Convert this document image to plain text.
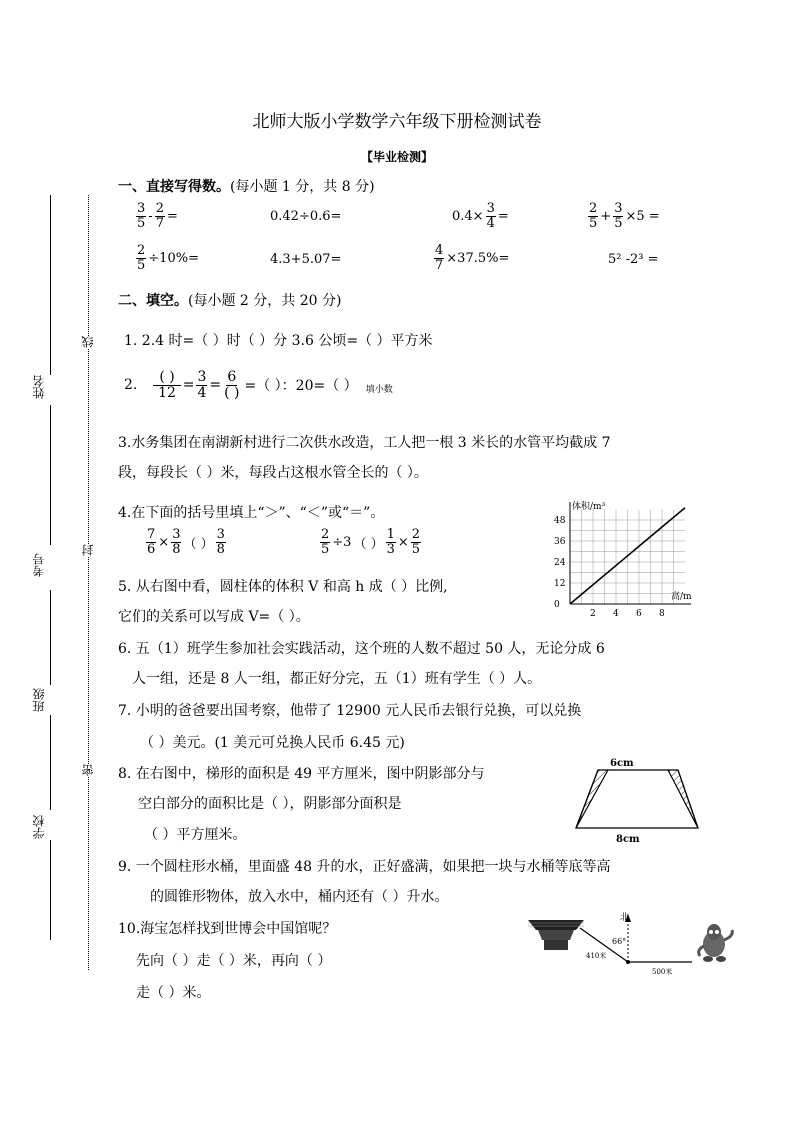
北师大版小学数学六年级下册检测试卷
【毕业检测】
姓名
考号
班级
学校
线
封
密
一、直接写得数。(每小题 1 分，共 8 分)
$\frac{3}{5} - \frac{2}{7}$ =	0.42÷0.6=	$0.4\times \frac{3}{4}$ =	$\frac{2}{5} + \frac{3}{5} \times 5$ =
$\frac{2}{5} \div 10\%=$	4.3+5.07=	$\frac{4}{7} \times 37.5\%=$	5² -2³ =
二、填空。(每小题 2 分，共 20 分)
1. 2.4 时=（ ）时（ ）分 3.6 公顷=（ ）平方米
2. $\frac{( )}{12} = \frac{3}{4} = \frac{6}{( )}$ =（ ）：20=（ ） 填小数
3.水务集团在南湖新村进行二次供水改造，工人把一根 3 米长的水管平均截成 7
段，每段长（ ）米，每段占这根水管全长的（ ）。
4.在下面的括号里填上“＞”、“＜”或“＝”。
$\frac{7}{6} \times \frac{3}{8}$ （ ） $\frac{3}{8}$	$\frac{2}{5} \div 3$ （ ） $\frac{1}{3} \times \frac{2}{5}$
5. 从右图中看，圆柱体的体积 V 和高 h 成（ ）比例,
它们的关系可以写成 V=（ ）。	2 4 6 8
0
12
24
36
48
体积/m³
高/m
6. 五（1）班学生参加社会实践活动，这个班的人数不超过 50 人，无论分成 6
人一组，还是 8 人一组，都正好分完，五（1）班有学生（ ）人。
7. 小明的爸爸要出国考察，他带了 12900 元人民币去银行兑换，可以兑换
（ ）美元。(1 美元可兑换人民币 6.45 元)
8. 在右图中，梯形的面积是 49 平方厘米，图中阴影部分与
空白部分的面积比是（ ），阴影部分面积是
（ ）平方厘米。
6cm
8cm
9. 一个圆柱形水桶，里面盛 48 升的水，正好盛满，如果把一块与水桶等底等高
的圆锥形物体，放入水中，桶内还有（ ）升水。
10.海宝怎样找到世博会中国馆呢？
先向（ ）走（ ）米，再向（ ）
走（ ）米。
北
66°
410米
500米
